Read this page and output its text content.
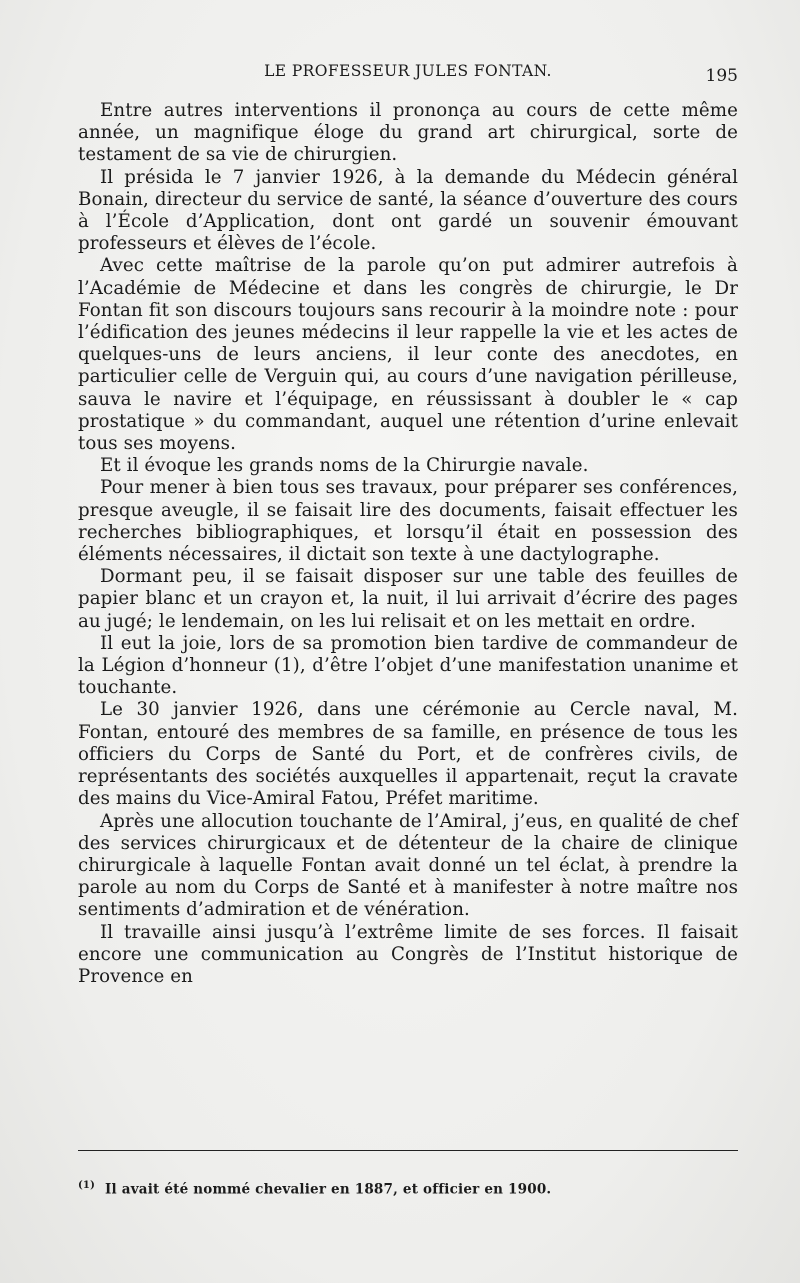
LE PROFESSEUR JULES FONTAN.	195

Entre autres interventions il prononça au cours de cette même année, un magnifique éloge du grand art chirurgical, sorte de testament de sa vie de chirurgien.

Il présida le 7 janvier 1926, à la demande du Médecin général Bonain, directeur du service de santé, la séance d’ouverture des cours à l’École d’Application, dont ont gardé un souvenir émouvant professeurs et élèves de l’école.

Avec cette maîtrise de la parole qu’on put admirer autrefois à l’Académie de Médecine et dans les congrès de chirurgie, le Dr Fontan fit son discours toujours sans recourir à la moindre note : pour l’édification des jeunes médecins il leur rappelle la vie et les actes de quelques-uns de leurs anciens, il leur conte des anecdotes, en particulier celle de Verguin qui, au cours d’une navigation périlleuse, sauva le navire et l’équipage, en réussissant à doubler le « cap prostatique » du commandant, auquel une rétention d’urine enlevait tous ses moyens.

Et il évoque les grands noms de la Chirurgie navale.

Pour mener à bien tous ses travaux, pour préparer ses conférences, presque aveugle, il se faisait lire des documents, faisait effectuer les recherches bibliographiques, et lorsqu’il était en possession des éléments nécessaires, il dictait son texte à une dactylographe.

Dormant peu, il se faisait disposer sur une table des feuilles de papier blanc et un crayon et, la nuit, il lui arrivait d’écrire des pages au jugé; le lendemain, on les lui relisait et on les mettait en ordre.

Il eut la joie, lors de sa promotion bien tardive de commandeur de la Légion d’honneur (1), d’être l’objet d’une manifestation unanime et touchante.

Le 30 janvier 1926, dans une cérémonie au Cercle naval, M. Fontan, entouré des membres de sa famille, en présence de tous les officiers du Corps de Santé du Port, et de confrères civils, de représentants des sociétés auxquelles il appartenait, reçut la cravate des mains du Vice-Amiral Fatou, Préfet maritime.

Après une allocution touchante de l’Amiral, j’eus, en qualité de chef des services chirurgicaux et de détenteur de la chaire de clinique chirurgicale à laquelle Fontan avait donné un tel éclat, à prendre la parole au nom du Corps de Santé et à manifester à notre maître nos sentiments d’admiration et de vénération.

Il travaille ainsi jusqu’à l’extrême limite de ses forces. Il faisait encore une communication au Congrès de l’Institut historique de Provence en

$^{(1)}$ Il avait été nommé chevalier en 1887, et officier en 1900.
